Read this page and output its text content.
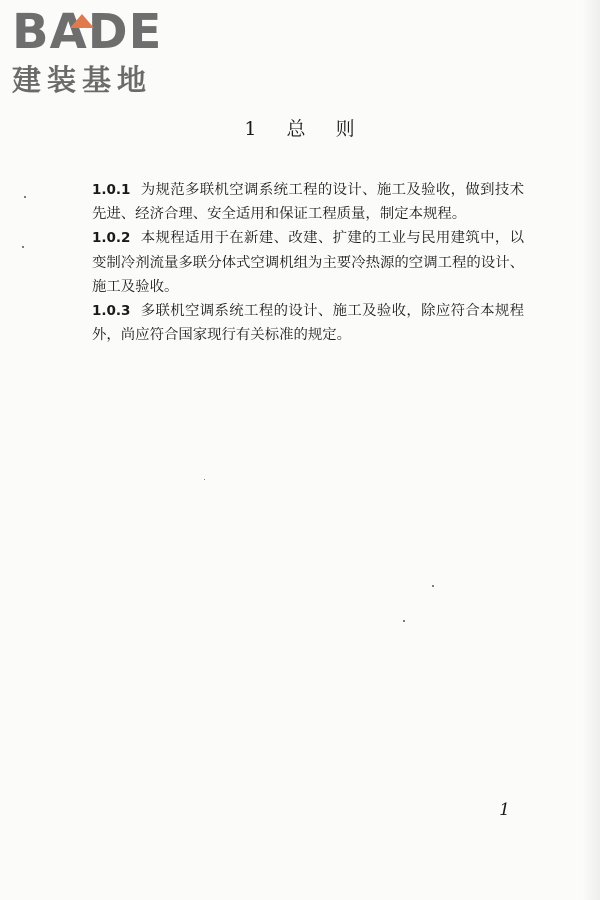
BADE
建装基地
1 总 则

1.0.1 为规范多联机空调系统工程的设计、施工及验收，做到技术先进、经济合理、安全适用和保证工程质量，制定本规程。

1.0.2 本规程适用于在新建、改建、扩建的工业与民用建筑中，以变制冷剂流量多联分体式空调机组为主要冷热源的空调工程的设计、施工及验收。

1.0.3 多联机空调系统工程的设计、施工及验收，除应符合本规程外，尚应符合国家现行有关标准的规定。

1
